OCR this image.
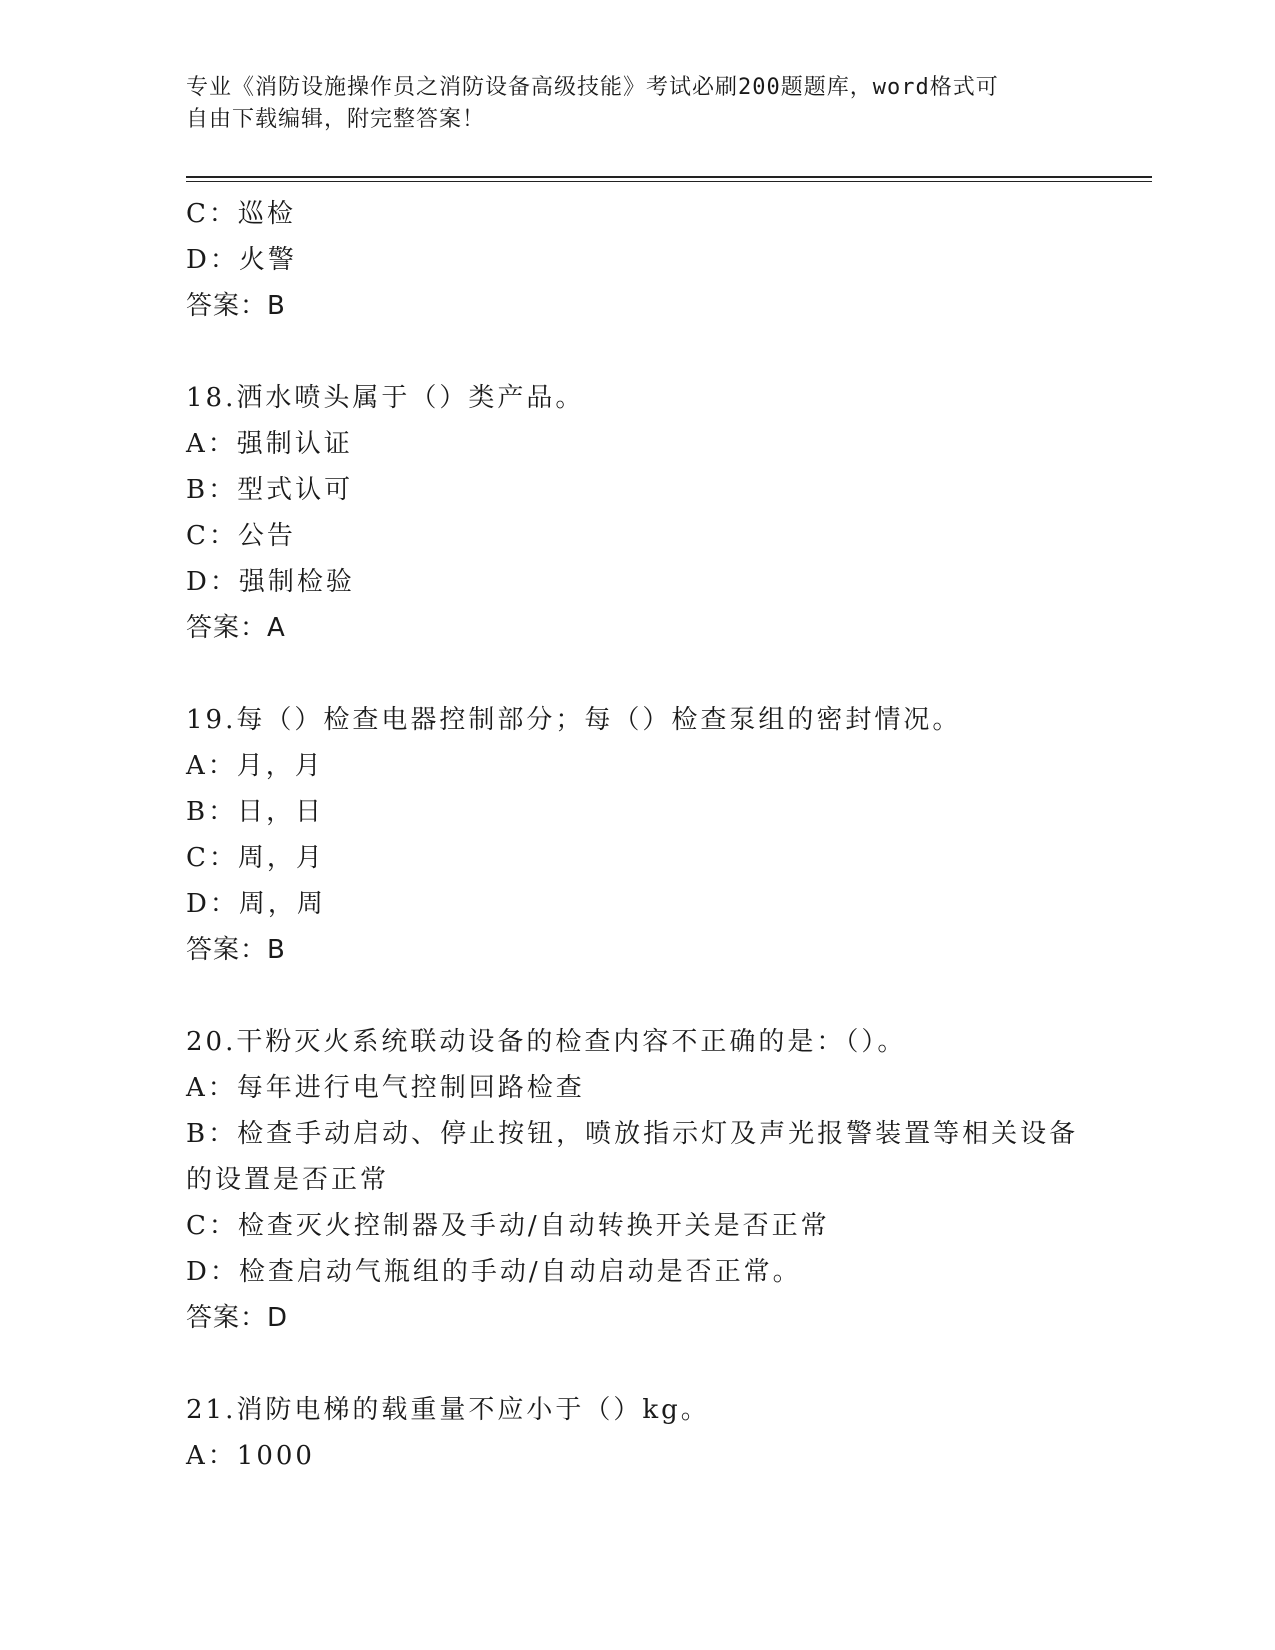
专业《消防设施操作员之消防设备高级技能》考试必刷200题题库，word格式可
自由下载编辑，附完整答案！

C：巡检

D：火警

答案：B

18.洒水喷头属于（）类产品。

A：强制认证

B：型式认可

C：公告

D：强制检验

答案：A

19.每（）检查电器控制部分；每（）检查泵组的密封情况。

A：月，月

B：日，日

C：周，月

D：周，周

答案：B

20.干粉灭火系统联动设备的检查内容不正确的是：（）。

A：每年进行电气控制回路检查

B：检查手动启动、停止按钮，喷放指示灯及声光报警装置等相关设备

的设置是否正常

C：检查灭火控制器及手动/自动转换开关是否正常

D：检查启动气瓶组的手动/自动启动是否正常。

答案：D

21.消防电梯的载重量不应小于（）kg。

A：1000
